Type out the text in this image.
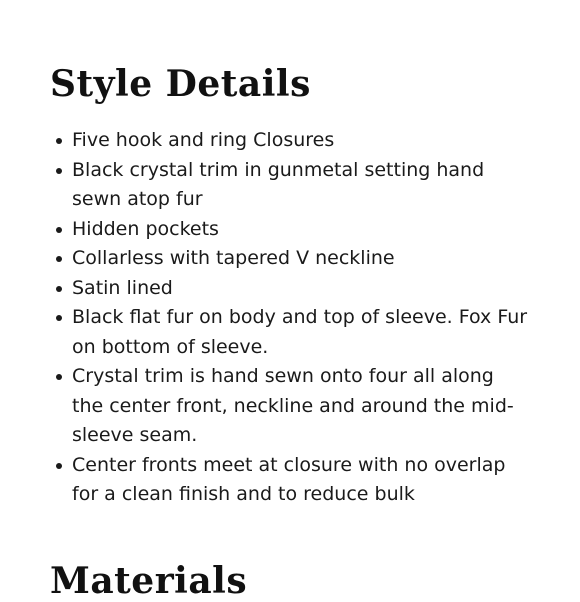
Style Details
Five hook and ring Closures
Black crystal trim in gunmetal setting hand sewn atop fur
Hidden pockets
Collarless with tapered V neckline
Satin lined
Black flat fur on body and top of sleeve. Fox Fur on bottom of sleeve.
Crystal trim is hand sewn onto four all along the center front, neckline and around the mid-sleeve seam.
Center fronts meet at closure with no overlap for a clean finish and to reduce bulk
Materials
